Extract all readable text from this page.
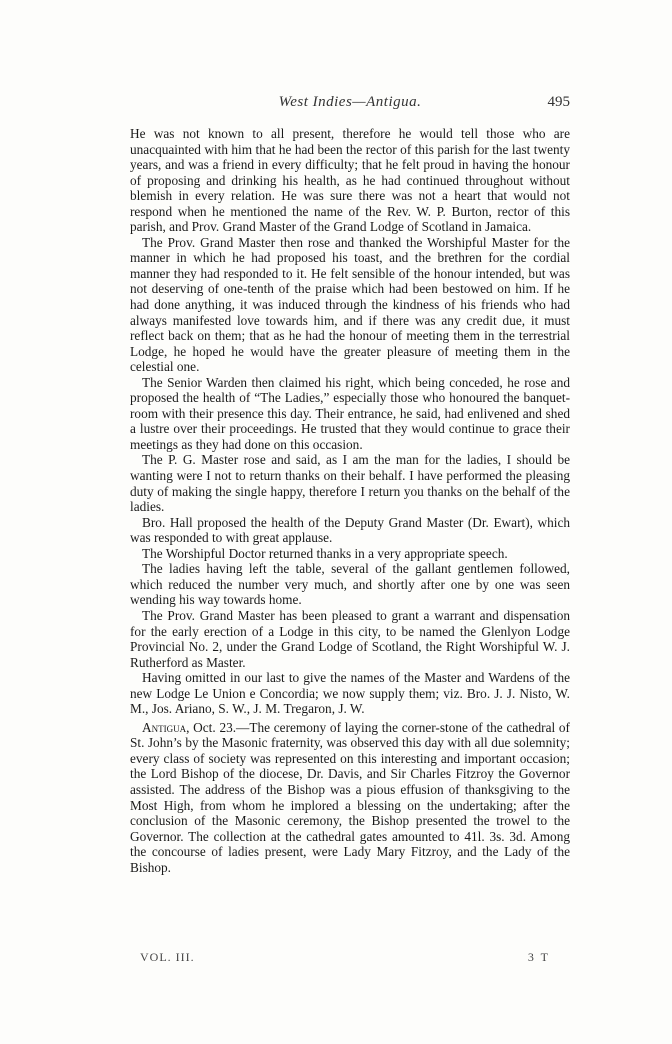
West Indies—Antigua.	495

He was not known to all present, therefore he would tell those who are unacquainted with him that he had been the rector of this parish for the last twenty years, and was a friend in every difficulty; that he felt proud in having the honour of proposing and drinking his health, as he had continued throughout without blemish in every relation. He was sure there was not a heart that would not respond when he mentioned the name of the Rev. W. P. Burton, rector of this parish, and Prov. Grand Master of the Grand Lodge of Scotland in Jamaica.

The Prov. Grand Master then rose and thanked the Worshipful Master for the manner in which he had proposed his toast, and the brethren for the cordial manner they had responded to it. He felt sensible of the honour intended, but was not deserving of one-tenth of the praise which had been bestowed on him. If he had done anything, it was induced through the kindness of his friends who had always manifested love towards him, and if there was any credit due, it must reflect back on them; that as he had the honour of meeting them in the terrestrial Lodge, he hoped he would have the greater pleasure of meeting them in the celestial one.

The Senior Warden then claimed his right, which being conceded, he rose and proposed the health of “The Ladies,” especially those who honoured the banquet-room with their presence this day. Their entrance, he said, had enlivened and shed a lustre over their proceedings. He trusted that they would continue to grace their meetings as they had done on this occasion.

The P. G. Master rose and said, as I am the man for the ladies, I should be wanting were I not to return thanks on their behalf. I have performed the pleasing duty of making the single happy, therefore I return you thanks on the behalf of the ladies.

Bro. Hall proposed the health of the Deputy Grand Master (Dr. Ewart), which was responded to with great applause.

The Worshipful Doctor returned thanks in a very appropriate speech.

The ladies having left the table, several of the gallant gentlemen followed, which reduced the number very much, and shortly after one by one was seen wending his way towards home.

The Prov. Grand Master has been pleased to grant a warrant and dispensation for the early erection of a Lodge in this city, to be named the Glenlyon Lodge Provincial No. 2, under the Grand Lodge of Scotland, the Right Worshipful W. J. Rutherford as Master.

Having omitted in our last to give the names of the Master and Wardens of the new Lodge Le Union e Concordia; we now supply them; viz. Bro. J. J. Nisto, W. M., Jos. Ariano, S. W., J. M. Tregaron, J. W.

Antigua, Oct. 23.—The ceremony of laying the corner-stone of the cathedral of St. John’s by the Masonic fraternity, was observed this day with all due solemnity; every class of society was represented on this interesting and important occasion; the Lord Bishop of the diocese, Dr. Davis, and Sir Charles Fitzroy the Governor assisted. The address of the Bishop was a pious effusion of thanksgiving to the Most High, from whom he implored a blessing on the undertaking; after the conclusion of the Masonic ceremony, the Bishop presented the trowel to the Governor. The collection at the cathedral gates amounted to 41l. 3s. 3d. Among the concourse of ladies present, were Lady Mary Fitzroy, and the Lady of the Bishop.

VOL. III.	3 T
